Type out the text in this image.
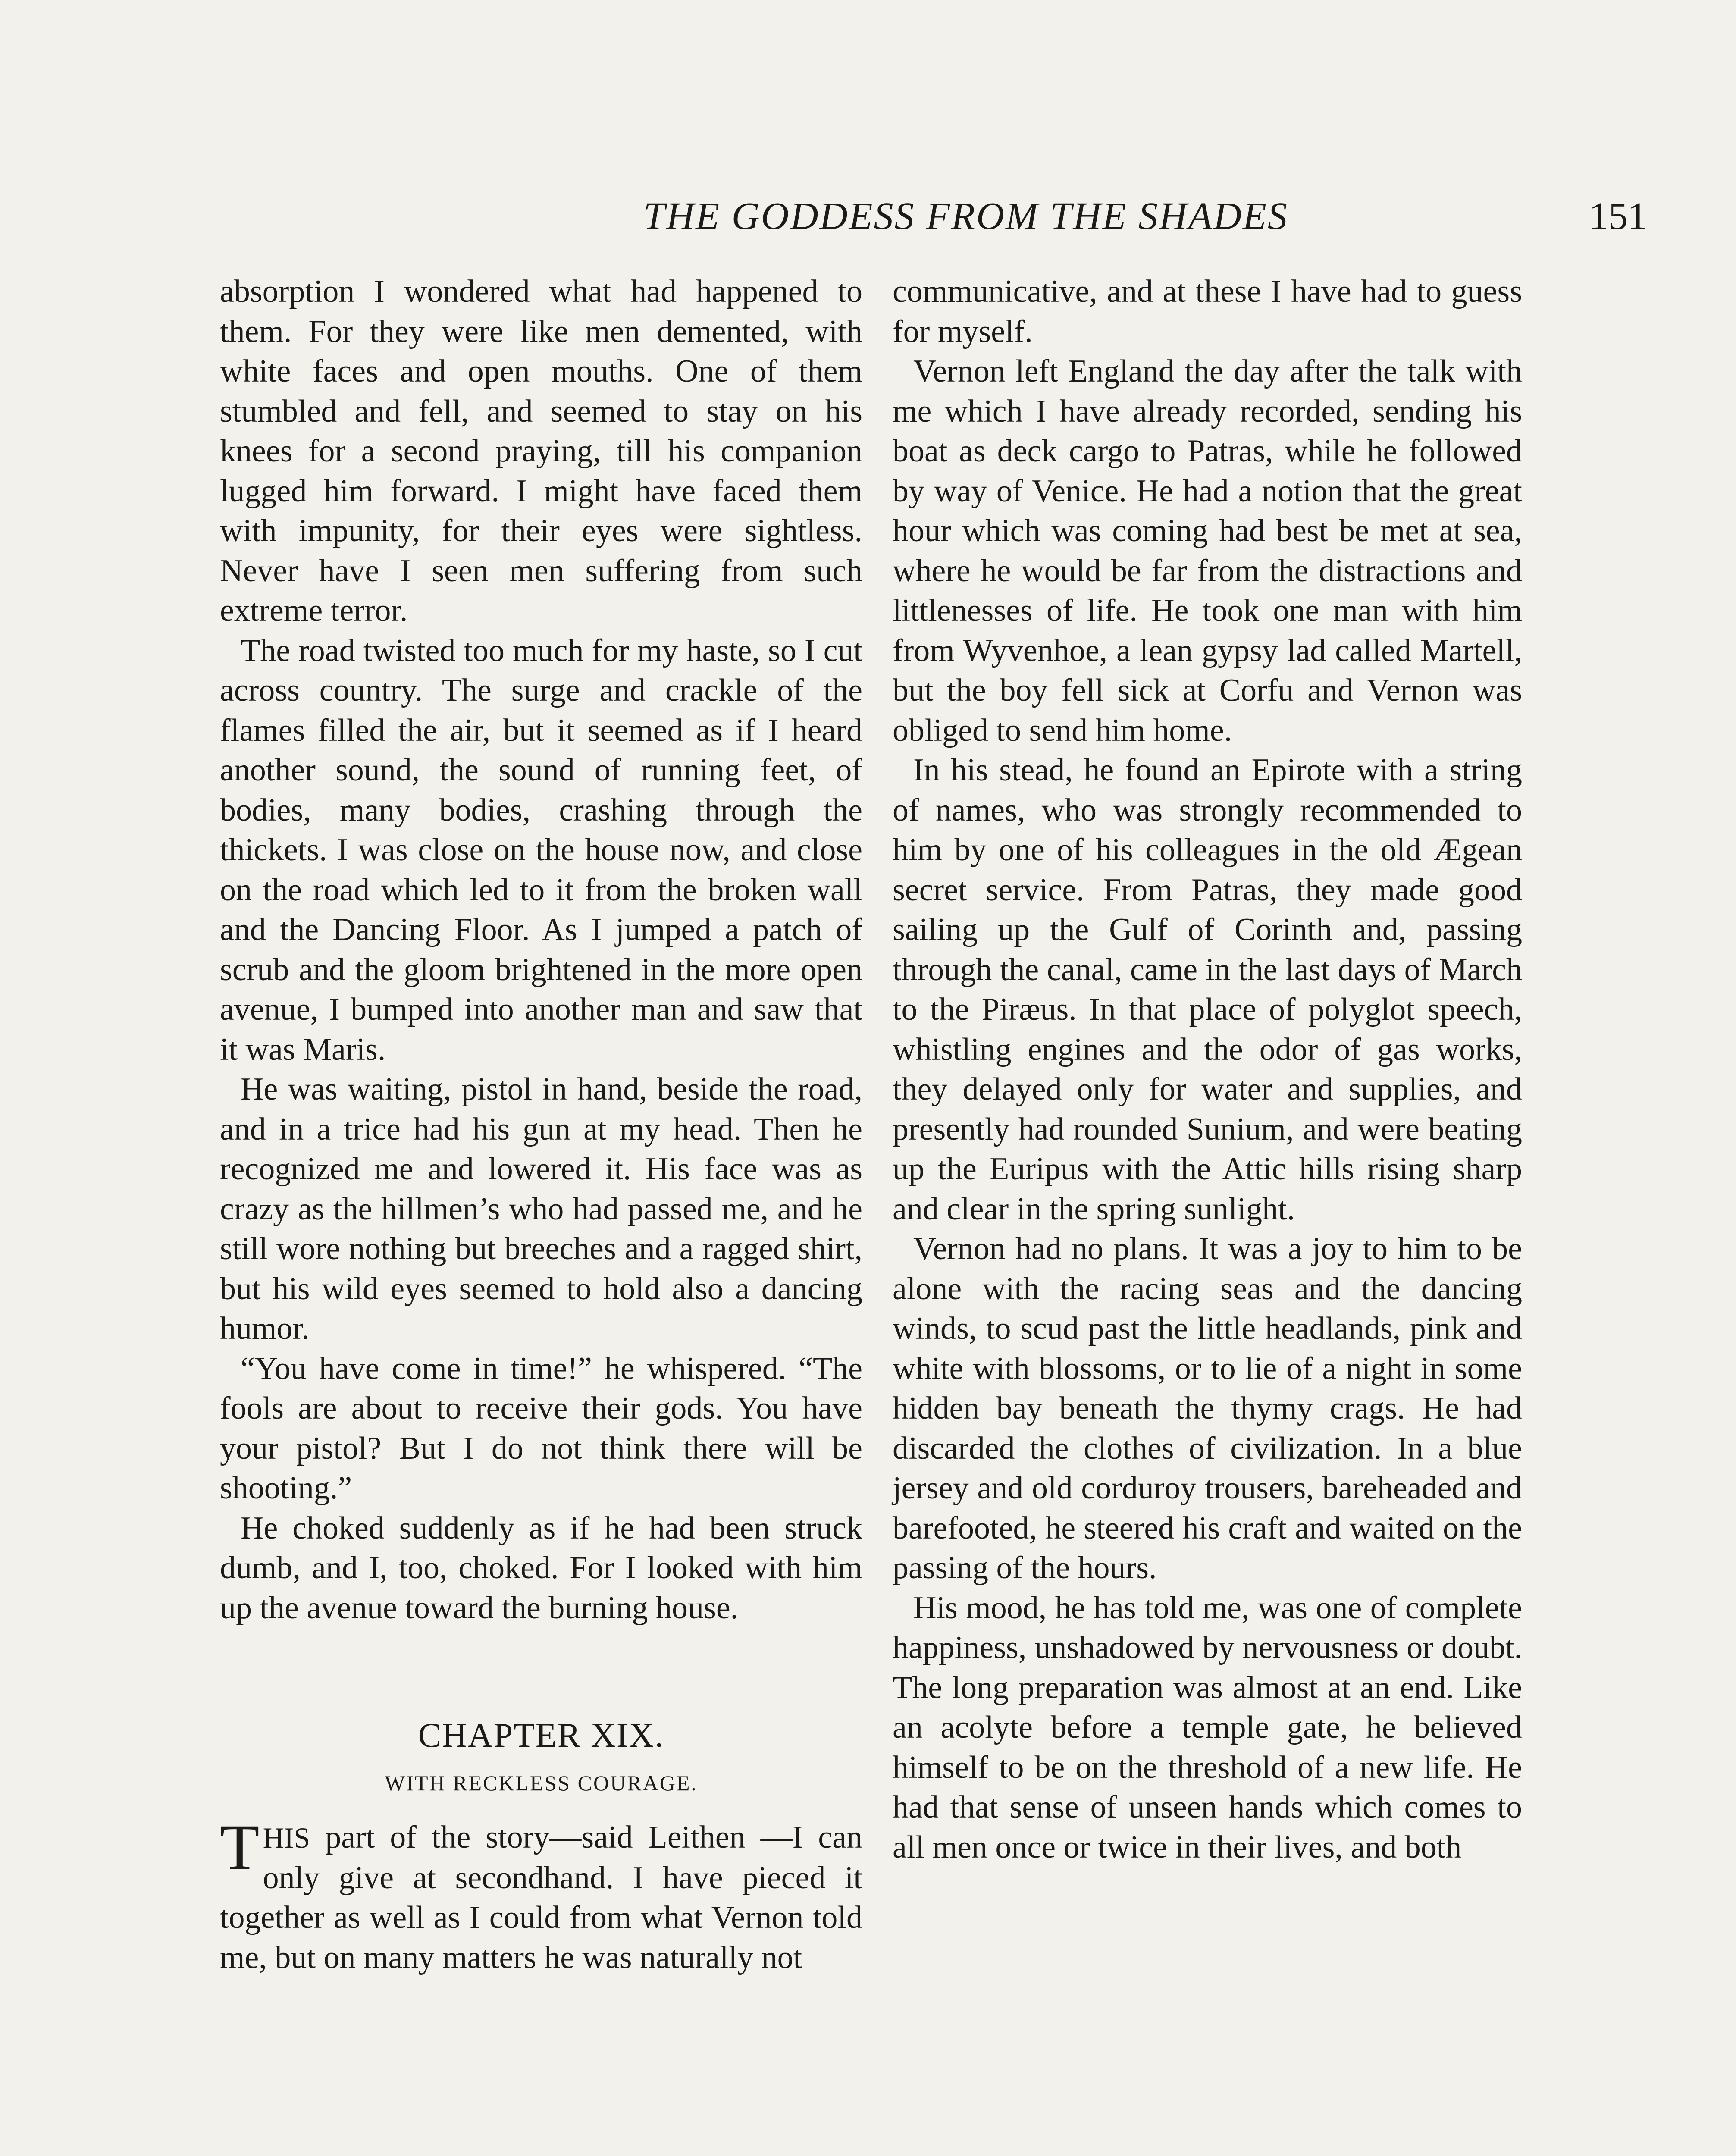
THE GODDESS FROM THE SHADES	151

absorption I wondered what had happened to them. For they were like men demented, with white faces and open mouths. One of them stumbled and fell, and seemed to stay on his knees for a second praying, till his companion lugged him forward. I might have faced them with impunity, for their eyes were sightless. Never have I seen men suffering from such extreme terror.

The road twisted too much for my haste, so I cut across country. The surge and crackle of the flames filled the air, but it seemed as if I heard another sound, the sound of running feet, of bodies, many bodies, crashing through the thickets. I was close on the house now, and close on the road which led to it from the broken wall and the Dancing Floor. As I jumped a patch of scrub and the gloom brightened in the more open avenue, I bumped into another man and saw that it was Maris.

He was waiting, pistol in hand, beside the road, and in a trice had his gun at my head. Then he recognized me and lowered it. His face was as crazy as the hillmen’s who had passed me, and he still wore nothing but breeches and a ragged shirt, but his wild eyes seemed to hold also a dancing humor.

“You have come in time!” he whispered. “The fools are about to receive their gods. You have your pistol? But I do not think there will be shooting.”

He choked suddenly as if he had been struck dumb, and I, too, choked. For I looked with him up the avenue toward the burning house.

CHAPTER XIX.
WITH RECKLESS COURAGE.

THIS part of the story—said Leithen —I can only give at secondhand. I have pieced it together as well as I could from what Vernon told me, but on many matters he was naturally not

communicative, and at these I have had to guess for myself.

Vernon left England the day after the talk with me which I have already recorded, sending his boat as deck cargo to Patras, while he followed by way of Venice. He had a notion that the great hour which was coming had best be met at sea, where he would be far from the distractions and littlenesses of life. He took one man with him from Wyvenhoe, a lean gypsy lad called Martell, but the boy fell sick at Corfu and Vernon was obliged to send him home.

In his stead, he found an Epirote with a string of names, who was strongly recommended to him by one of his colleagues in the old Ægean secret service. From Patras, they made good sailing up the Gulf of Corinth and, passing through the canal, came in the last days of March to the Piræus. In that place of polyglot speech, whistling engines and the odor of gas works, they delayed only for water and supplies, and presently had rounded Sunium, and were beating up the Euripus with the Attic hills rising sharp and clear in the spring sunlight.

Vernon had no plans. It was a joy to him to be alone with the racing seas and the dancing winds, to scud past the little headlands, pink and white with blossoms, or to lie of a night in some hidden bay beneath the thymy crags. He had discarded the clothes of civilization. In a blue jersey and old corduroy trousers, bareheaded and barefooted, he steered his craft and waited on the passing of the hours.

His mood, he has told me, was one of complete happiness, unshadowed by nervousness or doubt. The long preparation was almost at an end. Like an acolyte before a temple gate, he believed himself to be on the threshold of a new life. He had that sense of unseen hands which comes to all men once or twice in their lives, and both
